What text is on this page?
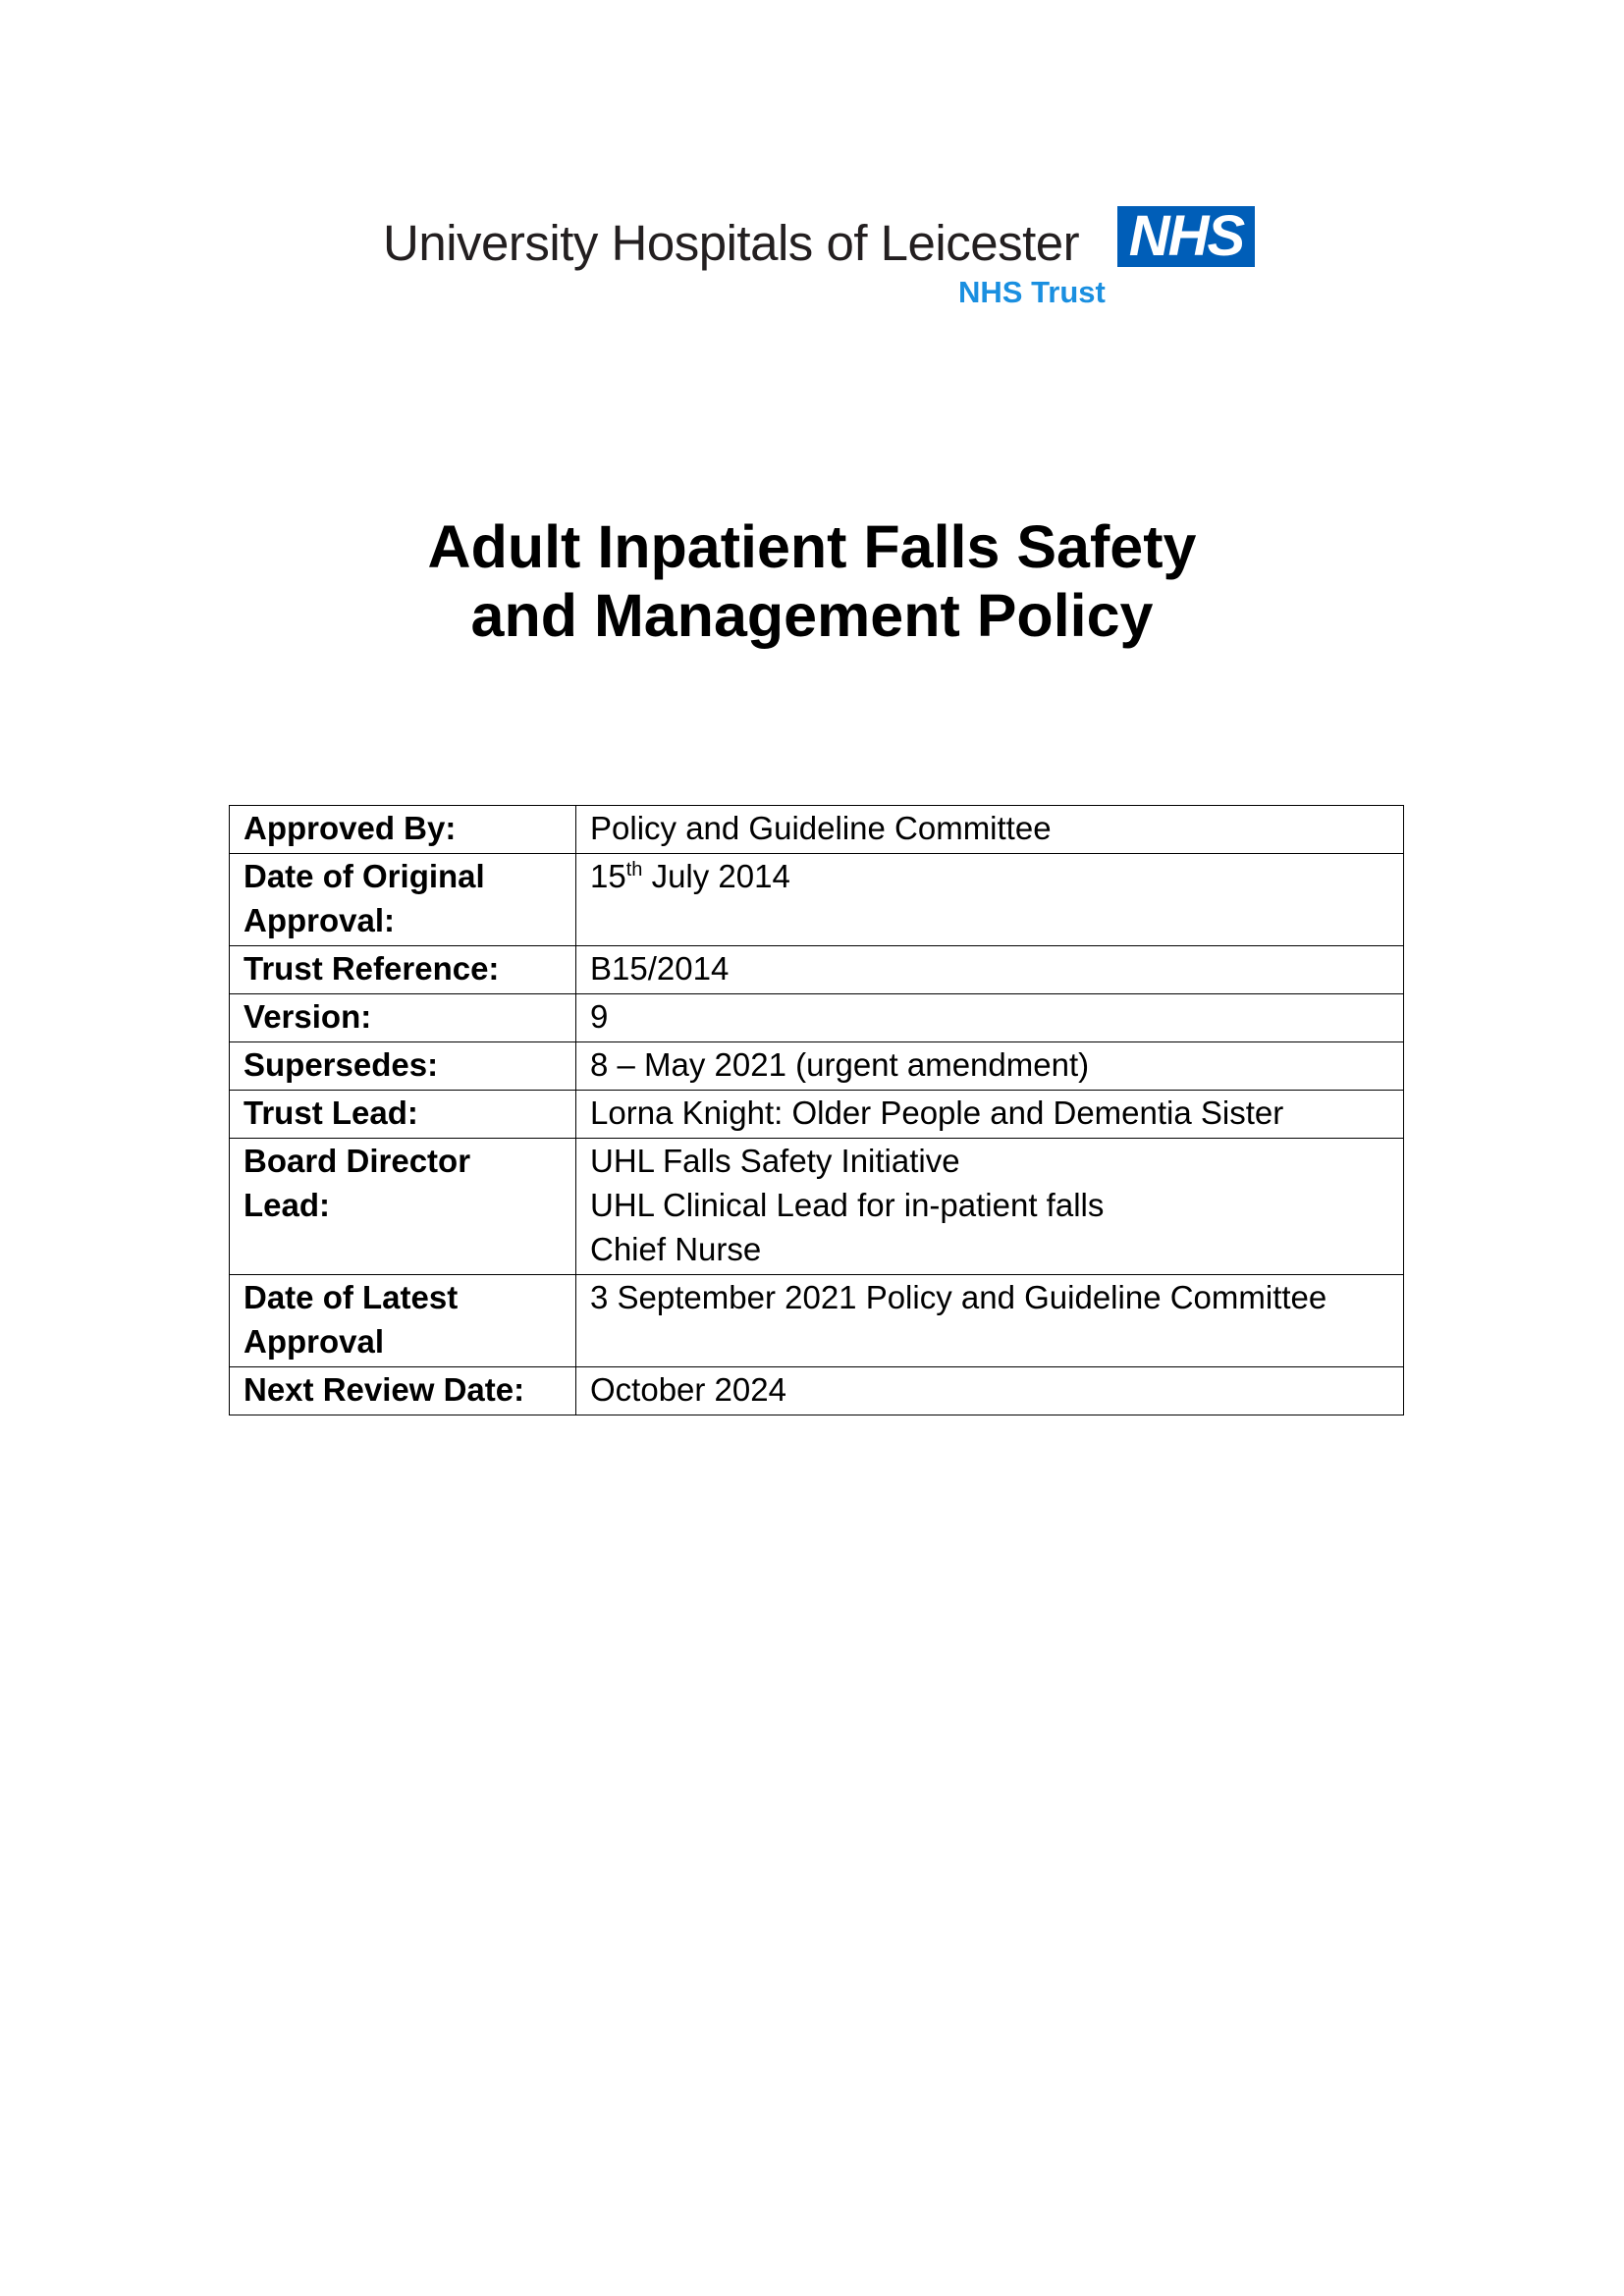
University Hospitals of Leicester NHS
NHS Trust
Adult Inpatient Falls Safety
and Management Policy
Approved By:	Policy and Guideline Committee

Date of Original
Approval:	15th July 2014
Trust Reference:	B15/2014
Version:	9
Supersedes:	8 – May 2021 (urgent amendment)
Trust Lead:	Lorna Knight: Older People and Dementia Sister

Board Director
Lead:	UHL Falls Safety Initiative
UHL Clinical Lead for in-patient falls
Chief Nurse

Date of Latest
Approval	3 September 2021 Policy and Guideline Committee
Next Review Date:	October 2024
